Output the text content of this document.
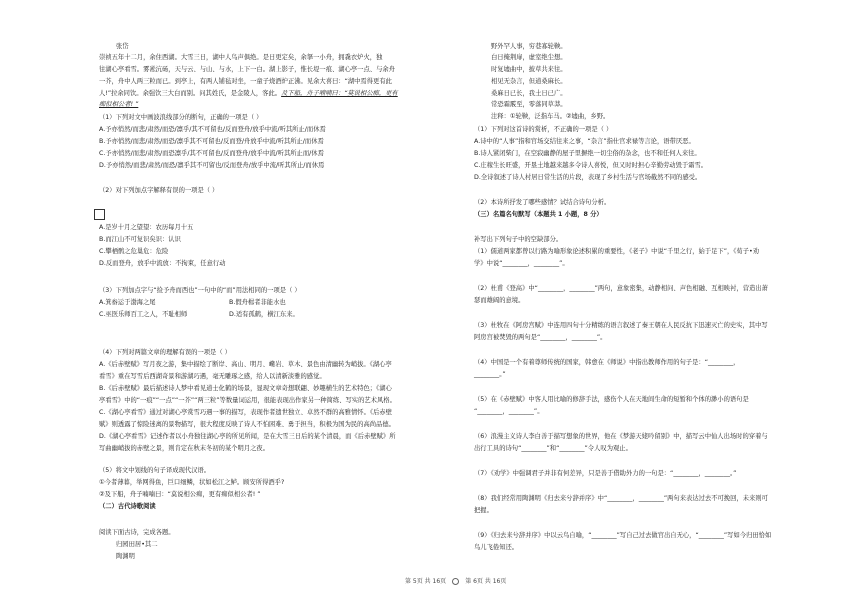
张岱

崇祯五年十二月，余住西湖。大雪三日，湖中人鸟声俱绝。是日更定矣，余拏一小舟，拥毳衣炉火，独

往湖心亭看雪。雾凇沆砀，天与云、与山、与水，上下一白。湖上影子，惟长堤一痕、湖心亭一点、与余舟

一芥，舟中人两三粒而已。到亭上，有两人铺毡对坐，一童子烧酒炉正沸。见余大喜曰：“湖中焉得更有此

人!”拉余同饮。余强饮三大白而别。问其姓氏，是金陵人，客此。及下船，舟子喃喃曰：“莫说相公痴，更有

痴似相公者! ”

（1）下列对文中画波浪线部分的断句，正确的一项是（ ）

A.予亦悄然/而悲/肃然/而恐/凛乎/其不可留也/反而登舟/放乎中流/听其所止/而休焉

B.予亦悄然/而悲/肃然/而恐/凛乎其不可留也/反而登/舟放乎中流/听其所止/而休焉

C.予亦悄然/而悲/肃然/而恐凛乎/其不可留也/反而登舟/放乎中流/听其所止而/休焉

D.予亦悄然/而悲/肃然/而恐/凛乎其不可留也/反而登舟/放乎中流/听其所止/而休焉

（2）对下列加点字解释有误的一项是（ ）

A.是岁十月之望望：农历每月十五

B.而江山不可复识矣识：认识

C.攀栖鹘之危巢危：危险

D.反而登舟，放乎中流放：不拘束，任意行动

（3）下列加点字与“捡予舟而西也”一句中的“而”用法相同的一项是（ ）

A.箕畚运于渤海之尾	B.假舟楫者非能水也

C.巫医乐师百工之人，不耻相师	D.适有孤鹤，横江东来。

（4）下列对两篇文章的理解有误的一项是（ ）

A.《后赤壁赋》写月夜之游，集中描绘了断岸、高山、明月、巉岩、草木、景色由清幽转为峭拔。《湖心亭

看雪》重在写雪后西湖奇景和游湖巧遇，毫无雕琢之感，给人以清新淡雅的感觉。

B.《后赤壁赋》最后描述诗人梦中看见道士化鹤的场景，显现文章奇想联翩、妙趣横生的艺术特色；《湖心

亭看雪》中的“一痕”“一点”“一芥”“两三粒”等数量词运用，很能表现出作家另一种简练、写实的艺术风格。

C.《湖心亭看雪》通过对湖心亭赏雪巧遇一事的描写，表现作者遗世独立、卓然不群的高雅情怀。《后赤壁

赋》则透露了惊险迷离的景物描写，很大程度反映了诗人不怕困难、勇于担当，积极为国为民的高尚品德。

D.《湖心亭看雪》记述作者以小舟独往湖心亭的所见所闻，是在大雪三日后的某个清晨，而《后赤壁赋》所

写曲幽峭拔的赤壁之景，则肯定在秋末冬初的某个明月之夜。

（5）将文中划线的句子译成现代汉语。

①今者薄暮，举网得鱼，巨口细鳞，状如松江之鲈。顾安所得酒乎?

②及下船，舟子喃喃曰：“莫说相公痴，更有痴似相公者! ”

（二）古代诗歌阅读

阅读下面古诗，完成各题。

归园田居•其二

陶渊明

第 5页 共 16页	第 6页 共 16页

野外罕人事，穷巷寡轮鞅。

白日掩荆扉，虚室绝尘想。

时复墟曲中，披草共来往。

相见无杂言，但道桑麻长。

桑麻日已长，我土日已广。

常恐霜霰至，零落同草莽。

注释：①轮鞅，泛指车马。②墟曲，乡野。

（1）下列对这首诗的赏析，不正确的一项是（ ）

A.诗中的“人事”指和官场交结往来之事，“杂言”指仕官求禄等言论，语带厌恶。

B.诗人紧闭柴门，在空寂幽静的屋子里摒绝一切尘俗的杂念，也不和任何人来往。

C.庄稼生长旺盛，开垦土地越来越多令诗人喜悦，但又时时担心辛勤劳动毁于霜雪。

D.全诗叙述了诗人村居日常生活的片段，表现了乡村生活与官场截然不同的感受。

（2）本诗所抒发了哪些感情？试结合诗句分析。

（三）名篇名句默写（本题共 1 小题，8 分）

补写出下列句子中的空缺部分。

（1）儒道两家都曾以行路为喻形象论述积累的重要性，《老子》中说“千里之行，始于足下”，《荀子•劝

学》中说“________，________”。

（2）杜甫《登高》中“________，________”两句，意象密集，动静相问、声色相融、互相映衬，营造出萧

瑟而雄阔的意境。

（3）杜牧在《阿房宫赋》中连用四句十分精练的语言叙述了秦王朝在人民反抗下迅速灭亡的史实，其中写

阿房宫被焚毁的两句是“________，________”。

（4）中国是一个有着尊师传统的国家，韩愈在《师说》中指出教师作用的句子是：“________，

________。”

（5）在《赤壁赋》中客人用比喻的修辞手法，感伤个人在天地间生命的短暂和个体的渺小的语句是

“________，________”。

（6）浪漫主义诗人李白善于描写想象的世界，他在《梦游天姥吟留别》中，描写云中仙人出场时的穿着与

出行工具的诗句“________”和“________”令人叹为观止。

（7）《劝学》中强调君子并非有何差异，只是善于借助外力的一句是：“________，________。”

（8）我们经常用陶渊明《归去来兮辞并序》中“________，________”两句来表达过去不可挽回，未来则可

把握。

（9）《归去来兮辞并序》中以云鸟自喻，“________”写自己过去做官出自无心，“________”写如今归田恰如

鸟儿飞倦知还。
